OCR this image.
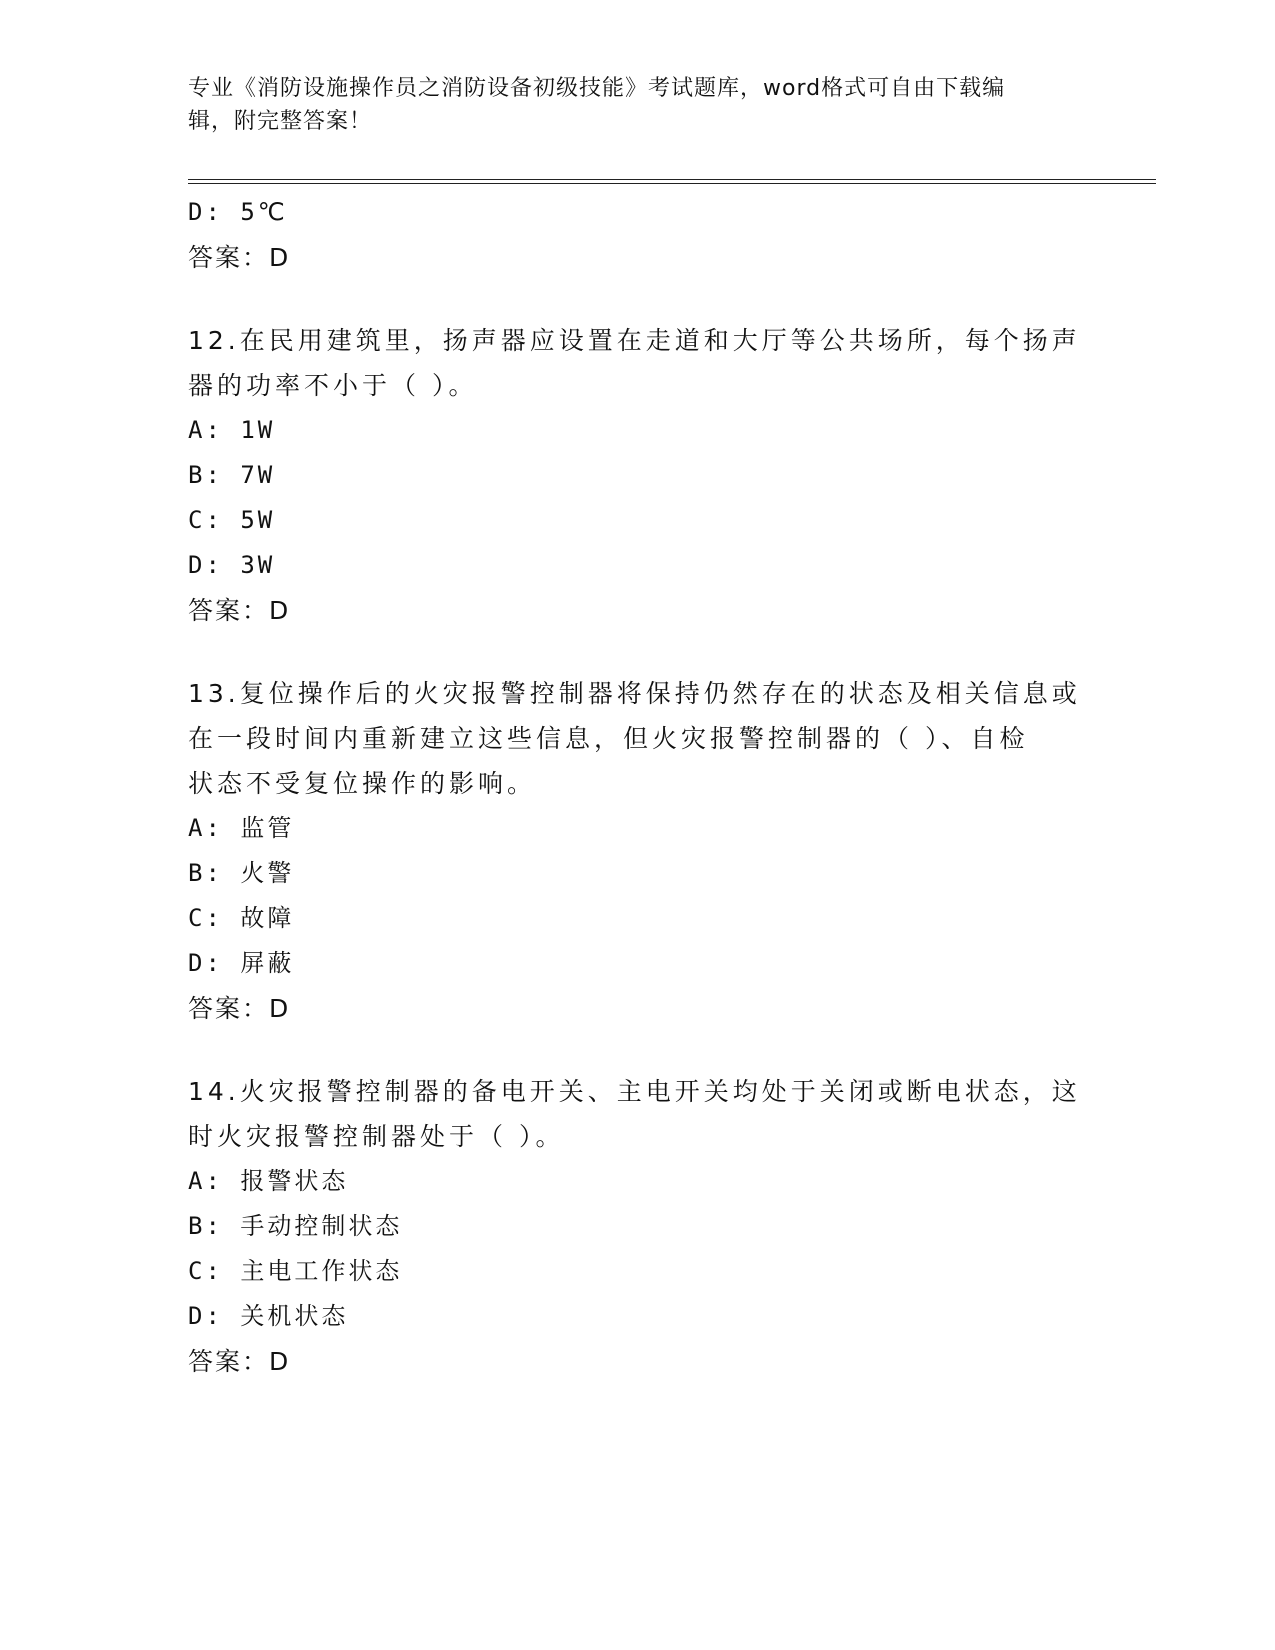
专业《消防设施操作员之消防设备初级技能》考试题库，word格式可自由下载编
辑，附完整答案！
D: 5℃
答案：D
12.在民用建筑里，扬声器应设置在走道和大厅等公共场所，每个扬声
器的功率不小于（ ）。
A: 1W
B: 7W
C: 5W
D: 3W
答案：D
13.复位操作后的火灾报警控制器将保持仍然存在的状态及相关信息或
在一段时间内重新建立这些信息，但火灾报警控制器的（ ）、自检
状态不受复位操作的影响。
A: 监管
B: 火警
C: 故障
D: 屏蔽
答案：D
14.火灾报警控制器的备电开关、主电开关均处于关闭或断电状态，这
时火灾报警控制器处于（ ）。
A: 报警状态
B: 手动控制状态
C: 主电工作状态
D: 关机状态
答案：D
